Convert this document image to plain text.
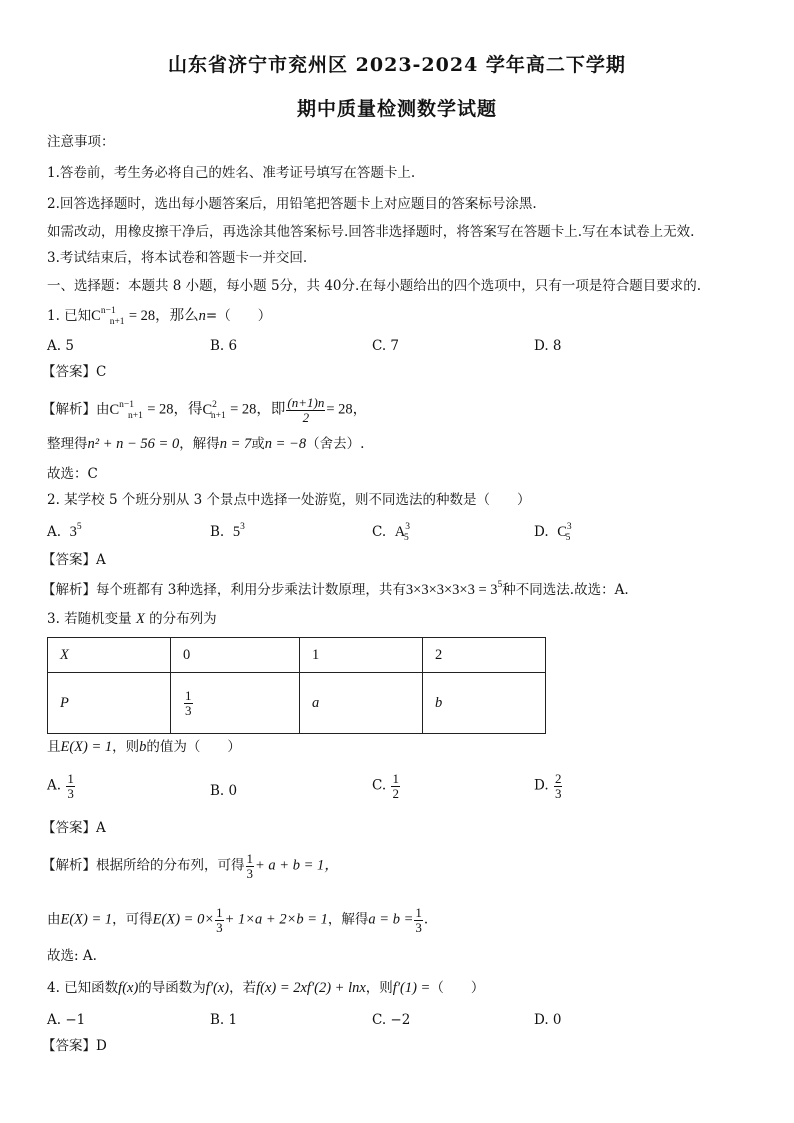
山东省济宁市兖州区 2023-2024 学年高二下学期
期中质量检测数学试题
注意事项：
1.答卷前，考生务必将自己的姓名、准考证号填写在答题卡上.
2.回答选择题时，选出每小题答案后，用铅笔把答题卡上对应题目的答案标号涂黑.
如需改动，用橡皮擦干净后，再选涂其他答案标号.回答非选择题时，将答案写在答题卡上.写在本试卷上无效.
3.考试结束后，将本试卷和答题卡一并交回.
一、选择题：本题共 8 小题，每小题 5分，共 40分.在每小题给出的四个选项中，只有一项是符合题目要求的.
1. 已知$C^{n-1}_{n+1} = 28$，那么n=（　　）
A. 5	B. 6	C. 7	D. 8
【答案】C
【解析】由$C^{n-1}_{n+1} = 28$，得$C^2_{n+1} = 28$，即 $\frac{(n+1)n}{2} = 28$，
整理得n² + n − 56 = 0，解得n = 7或n = −8（舍去）.
故选：C
2. 某学校 5 个班分别从 3 个景点中选择一处游览，则不同选法的种数是（　　）
A. $3^5$	B. $5^3$	C. $A^3_5$	D. $C^3_5$
【答案】A
【解析】每个班都有 3种选择，利用分步乘法计数原理，共有$3\times 3\times 3\times 3\times 3 = 3^5$种不同选法.故选：A.
3. 若随机变量 X 的分布列为
X	0	1	2
P	$\frac{1}{3}$	a	b
且E(X) = 1，则b的值为（　　）
A. $\frac{1}{3}$	B. 0	C. $\frac{1}{2}$	D. $\frac{2}{3}$
【答案】A
【解析】根据所给的分布列，可得 $\frac{1}{3} + a + b = 1$，
由E(X) = 1，可得$E(X) = 0\times \frac{1}{3} + 1\times a + 2\times b = 1$，解得$a = b = \frac{1}{3}$ .
故选: A.
4. 已知函数f(x)的导函数为f′(x)，若f(x) = 2xf′(2) + lnx，则f′(1) =（　　）
A. −1	B. 1	C. −2	D. 0
【答案】D
